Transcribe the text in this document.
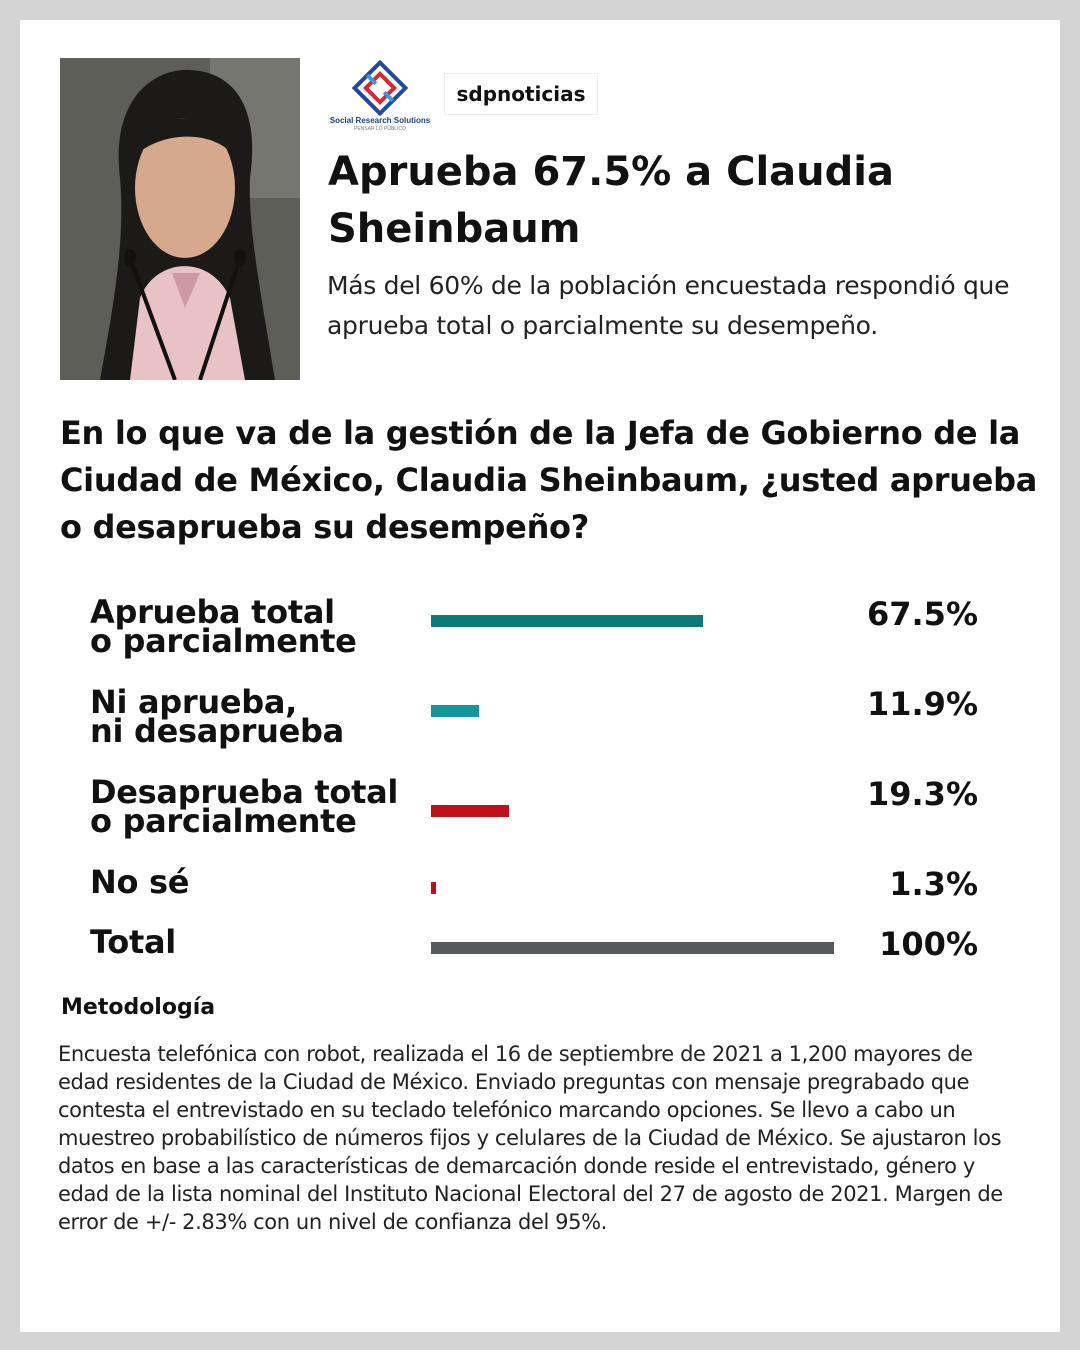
Social Research Solutions
PENSAR LO PÚBLICO
sdpnoticias
Aprueba 67.5% a Claudia Sheinbaum

Más del 60% de la población encuestada respondió que aprueba total o parcialmente su desempeño.

En lo que va de la gestión de la Jefa de Gobierno de la Ciudad de México, Claudia Sheinbaum, ¿usted aprueba o desaprueba su desempeño?
Aprueba total
o parcialmente
67.5%
Ni aprueba,
ni desaprueba
11.9%
Desaprueba total
o parcialmente
19.3%
No sé	1.3%
Total	100%
Metodología

Encuesta telefónica con robot, realizada el 16 de septiembre de 2021 a 1,200 mayores de edad residentes de la Ciudad de México. Enviado preguntas con mensaje pregrabado que contesta el entrevistado en su teclado telefónico marcando opciones. Se llevo a cabo un muestreo probabilístico de números fijos y celulares de la Ciudad de México. Se ajustaron los datos en base a las características de demarcación donde reside el entrevistado, género y edad de la lista nominal del Instituto Nacional Electoral del 27 de agosto de 2021. Margen de error de +/- 2.83% con un nivel de confianza del 95%.
